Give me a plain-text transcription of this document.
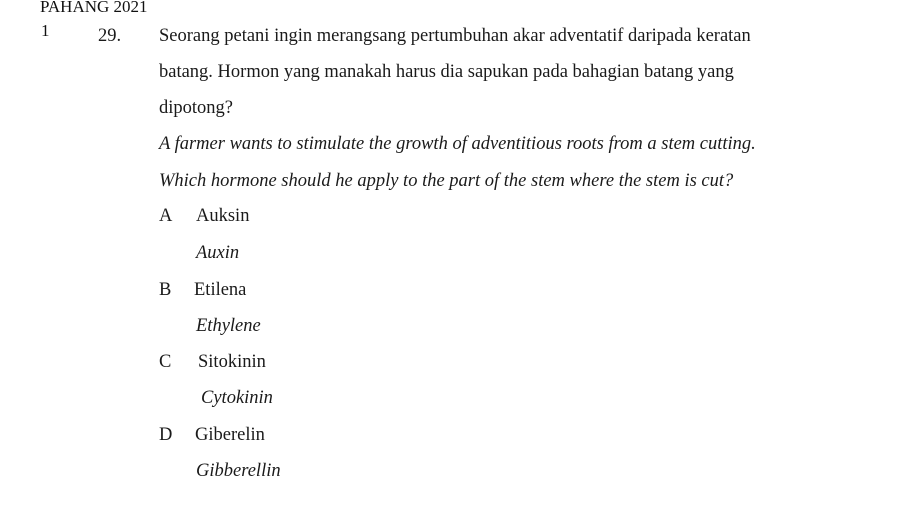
PAHANG 2021
1	29. Seorang petani ingin merangsang pertumbuhan akar adventatif daripada keratan
batang. Hormon yang manakah harus dia sapukan pada bahagian batang yang
dipotong?
A farmer wants to stimulate the growth of adventitious roots from a stem cutting.
Which hormone should he apply to the part of the stem where the stem is cut?
A Auksin
Auxin
B Etilena
Ethylene
C Sitokinin
Cytokinin
D Giberelin
Gibberellin
